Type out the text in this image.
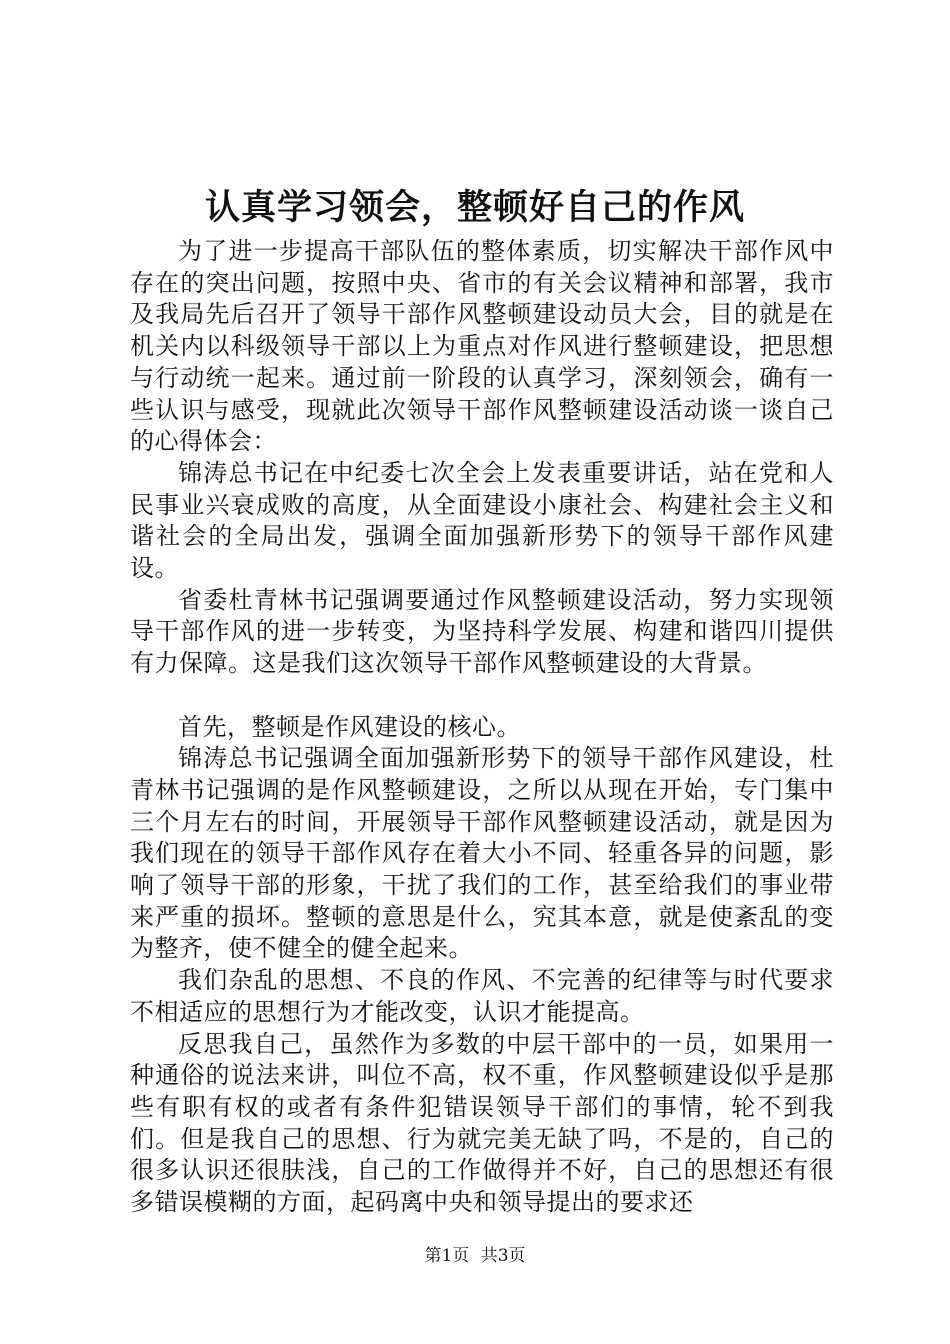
认真学习领会，整顿好自己的作风

为了进一步提高干部队伍的整体素质，切实解决干部作风中存在的突出问题，按照中央、省市的有关会议精神和部署，我市及我局先后召开了领导干部作风整顿建设动员大会，目的就是在机关内以科级领导干部以上为重点对作风进行整顿建设，把思想与行动统一起来。通过前一阶段的认真学习，深刻领会，确有一些认识与感受，现就此次领导干部作风整顿建设活动谈一谈自己的心得体会：

锦涛总书记在中纪委七次全会上发表重要讲话，站在党和人民事业兴衰成败的高度，从全面建设小康社会、构建社会主义和谐社会的全局出发，强调全面加强新形势下的领导干部作风建设。

省委杜青林书记强调要通过作风整顿建设活动，努力实现领导干部作风的进一步转变，为坚持科学发展、构建和谐四川提供有力保障。这是我们这次领导干部作风整顿建设的大背景。

首先，整顿是作风建设的核心。

锦涛总书记强调全面加强新形势下的领导干部作风建设，杜青林书记强调的是作风整顿建设，之所以从现在开始，专门集中三个月左右的时间，开展领导干部作风整顿建设活动，就是因为我们现在的领导干部作风存在着大小不同、轻重各异的问题，影响了领导干部的形象，干扰了我们的工作，甚至给我们的事业带来严重的损坏。整顿的意思是什么，究其本意，就是使紊乱的变为整齐，使不健全的健全起来。

我们杂乱的思想、不良的作风、不完善的纪律等与时代要求不相适应的思想行为才能改变，认识才能提高。

反思我自己，虽然作为多数的中层干部中的一员，如果用一种通俗的说法来讲，叫位不高，权不重，作风整顿建设似乎是那些有职有权的或者有条件犯错误领导干部们的事情，轮不到我们。但是我自己的思想、行为就完美无缺了吗，不是的，自己的很多认识还很肤浅，自己的工作做得并不好，自己的思想还有很多错误模糊的方面，起码离中央和领导提出的要求还

第1页 共3页
